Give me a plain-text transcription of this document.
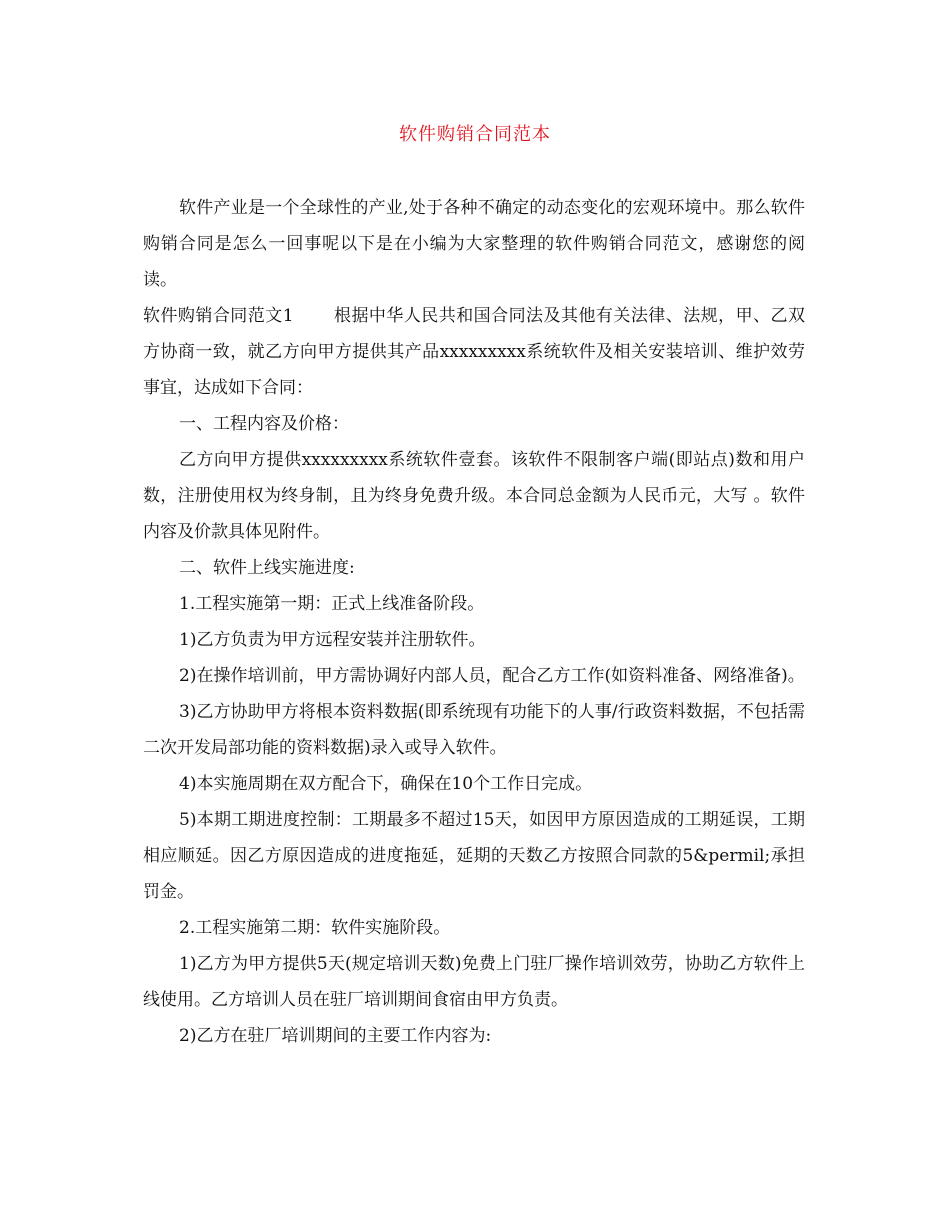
软件购销合同范本

软件产业是一个全球性的产业,处于各种不确定的动态变化的宏观环境中。那么软件购销合同是怎么一回事呢以下是在小编为大家整理的软件购销合同范文，感谢您的阅读。

软件购销合同范文1 根据中华人民共和国合同法及其他有关法律、法规，甲、乙双方协商一致，就乙方向甲方提供其产品xxxxxxxxx系统软件及相关安装培训、维护效劳事宜，达成如下合同：

一、工程内容及价格：

乙方向甲方提供xxxxxxxxx系统软件壹套。该软件不限制客户端(即站点)数和用户数，注册使用权为终身制，且为终身免费升级。本合同总金额为人民币元，大写 。软件内容及价款具体见附件。

二、软件上线实施进度:

1.工程实施第一期：正式上线准备阶段。

1)乙方负责为甲方远程安装并注册软件。

2)在操作培训前，甲方需协调好内部人员，配合乙方工作(如资料准备、网络准备)。

3)乙方协助甲方将根本资料数据(即系统现有功能下的人事/行政资料数据，不包括需二次开发局部功能的资料数据)录入或导入软件。

4)本实施周期在双方配合下，确保在10个工作日完成。

5)本期工期进度控制：工期最多不超过15天，如因甲方原因造成的工期延误，工期相应顺延。因乙方原因造成的进度拖延，延期的天数乙方按照合同款的5&permil;承担罚金。

2.工程实施第二期：软件实施阶段。

1)乙方为甲方提供5天(规定培训天数)免费上门驻厂操作培训效劳，协助乙方软件上线使用。乙方培训人员在驻厂培训期间食宿由甲方负责。

2)乙方在驻厂培训期间的主要工作内容为:
